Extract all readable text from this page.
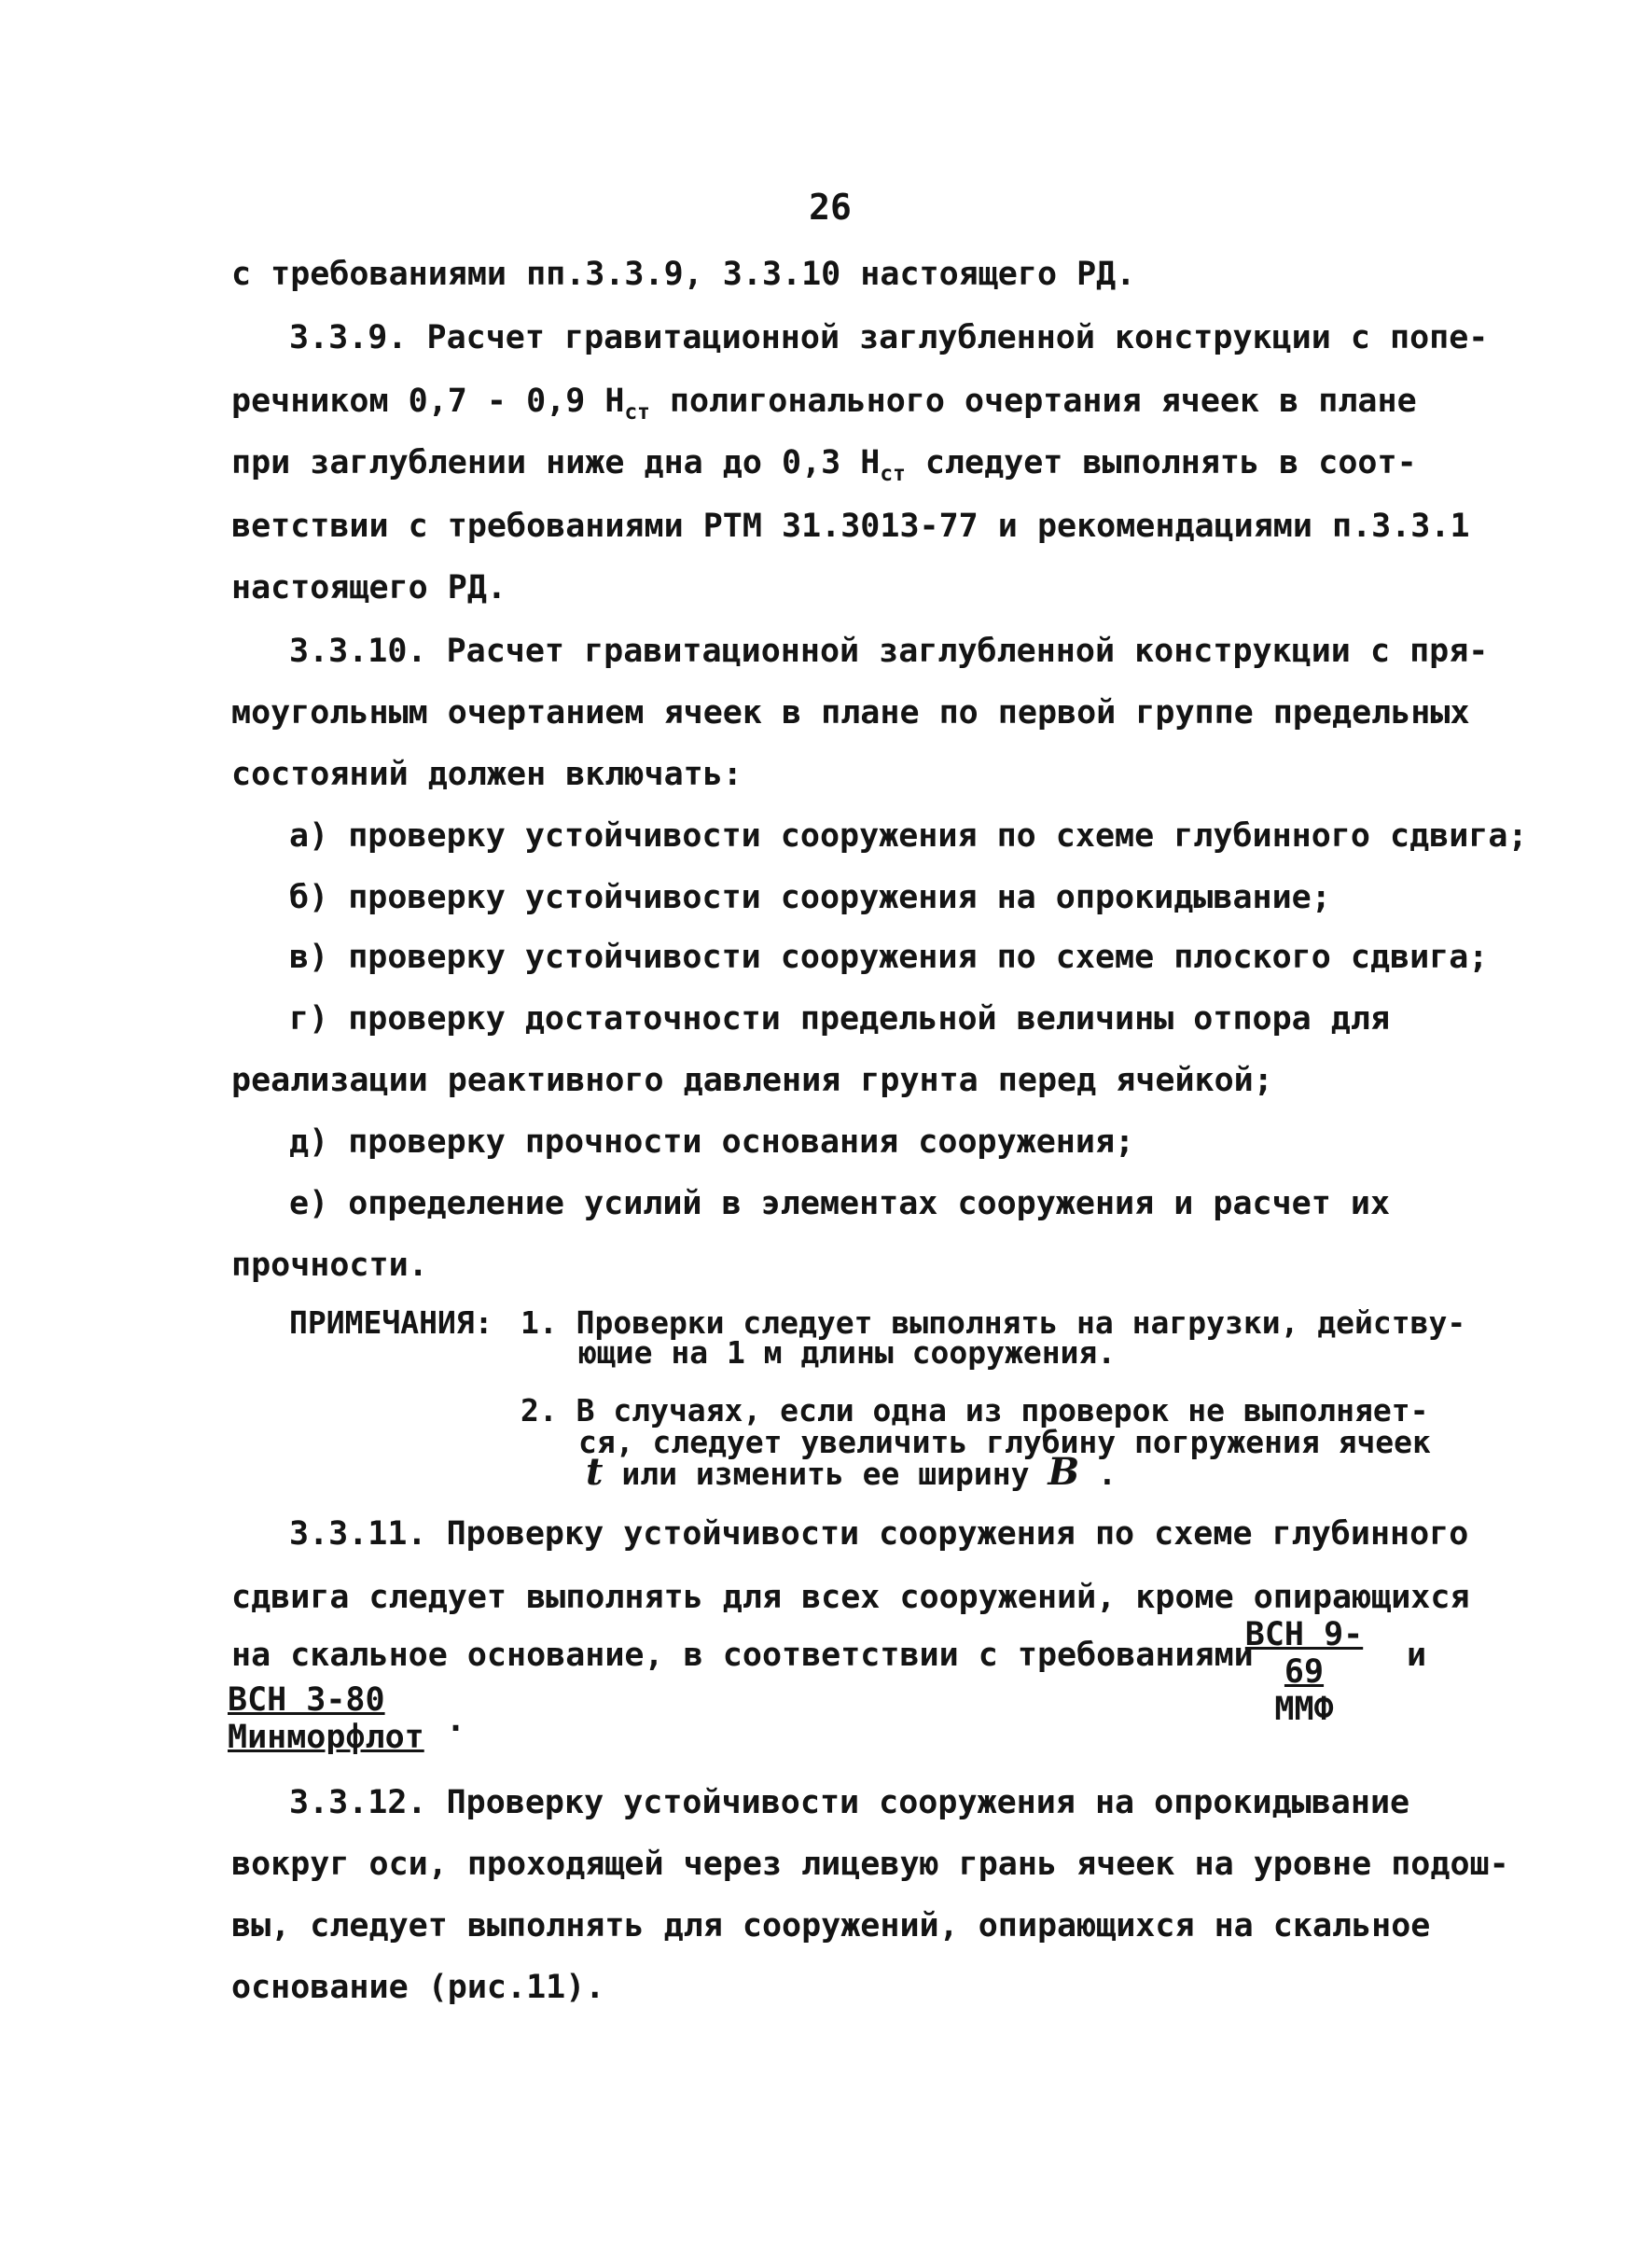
26
с требованиями пп.3.3.9, 3.3.10 настоящего РД.
3.3.9. Расчет гравитационной заглубленной конструкции с попе-
речником 0,7 - 0,9 $Н_{ст}$ полигонального очертания ячеек в плане
при заглублении ниже дна до 0,3 $Н_{ст}$ следует выполнять в соот-
ветствии с требованиями РТМ 31.3013-77 и рекомендациями п.3.3.1
настоящего РД.
3.3.10. Расчет гравитационной заглубленной конструкции с пря-
моугольным очертанием ячеек в плане по первой группе предельных
состояний должен включать:
а) проверку устойчивости сооружения по схеме глубинного сдвига;
б) проверку устойчивости сооружения на опрокидывание;
в) проверку устойчивости сооружения по схеме плоского сдвига;
г) проверку достаточности предельной величины отпора для
реализации реактивного давления грунта перед ячейкой;
д) проверку прочности основания сооружения;
е) определение усилий в элементах сооружения и расчет их
прочности.
ПРИМЕЧАНИЯ: 1. Проверки следует выполнять на нагрузки, действу-
ющие на 1 м длины сооружения.
2. В случаях, если одна из проверок не выполняет-
ся, следует увеличить глубину погружения ячеек
t или изменить ее ширину B .
3.3.11. Проверку устойчивости сооружения по схеме глубинного
сдвига следует выполнять для всех сооружений, кроме опирающихся
на скальное основание, в соответствии с требованиями
ВСН 9-69
ММФ
и
ВСН 3-80
Минморфлот .
3.3.12. Проверку устойчивости сооружения на опрокидывание
вокруг оси, проходящей через лицевую грань ячеек на уровне подош-
вы, следует выполнять для сооружений, опирающихся на скальное
основание (рис.11).
